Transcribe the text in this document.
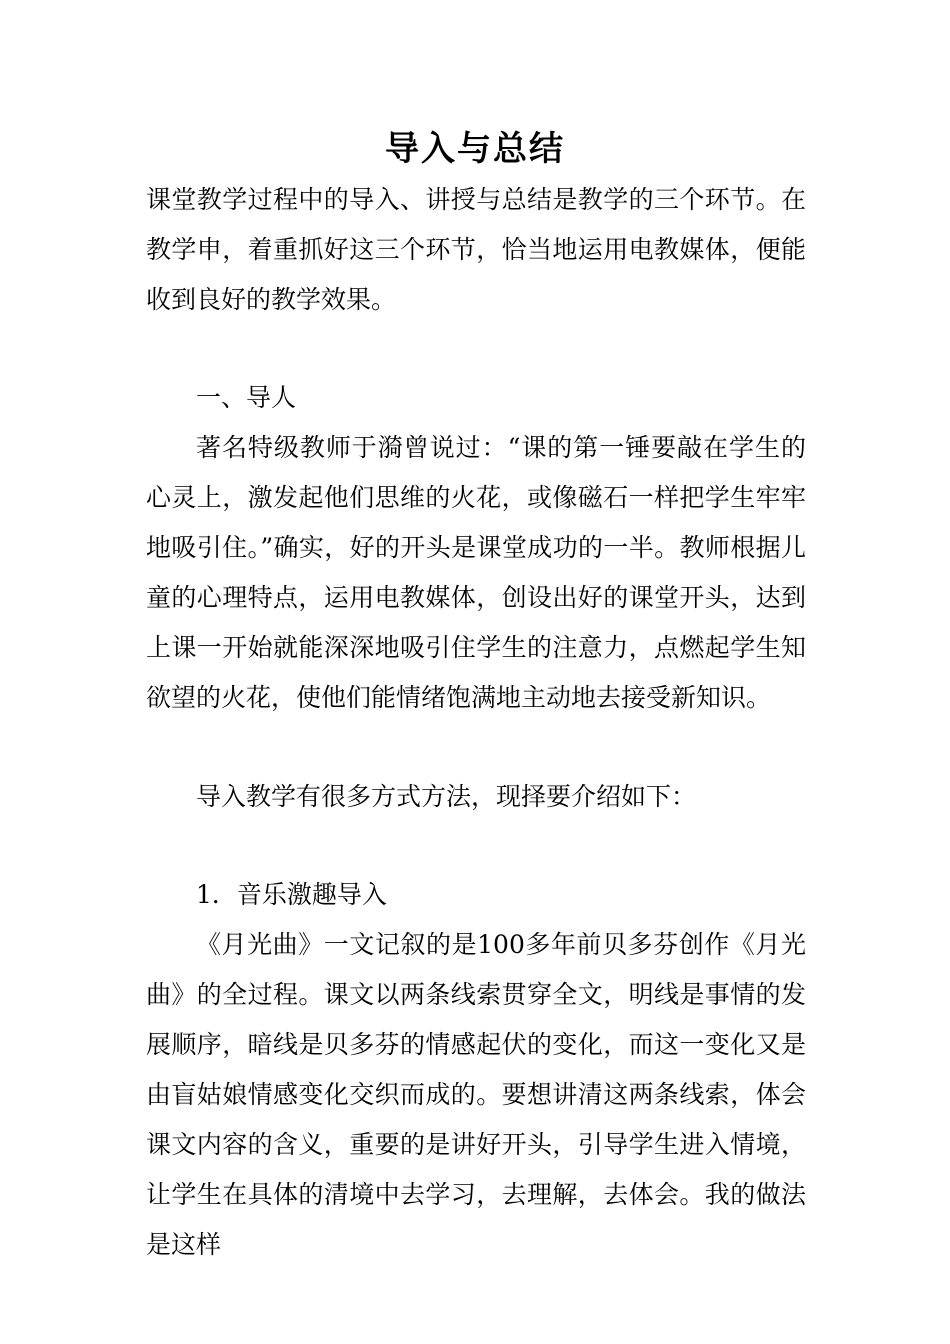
导入与总结
课堂教学过程中的导入、讲授与总结是教学的三个环节。在教学申，着重抓好这三个环节，恰当地运用电教媒体，便能收到良好的教学效果。
一、导人
著名特级教师于漪曾说过：“课的第一锤要敲在学生的心灵上，激发起他们思维的火花，或像磁石一样把学生牢牢地吸引住。”确实，好的开头是课堂成功的一半。教师根据儿童的心理特点，运用电教媒体，创设出好的课堂开头，达到上课一开始就能深深地吸引住学生的注意力，点燃起学生知欲望的火花，使他们能情绪饱满地主动地去接受新知识。
导入教学有很多方式方法，现择要介绍如下：
1．音乐激趣导入
《月光曲》一文记叙的是100多年前贝多芬创作《月光曲》的全过程。课文以两条线索贯穿全文，明线是事情的发展顺序，暗线是贝多芬的情感起伏的变化，而这一变化又是由盲姑娘情感变化交织而成的。要想讲清这两条线索，体会课文内容的含义，重要的是讲好开头，引导学生进入情境，让学生在具体的清境中去学习，去理解，去体会。我的做法是这样
